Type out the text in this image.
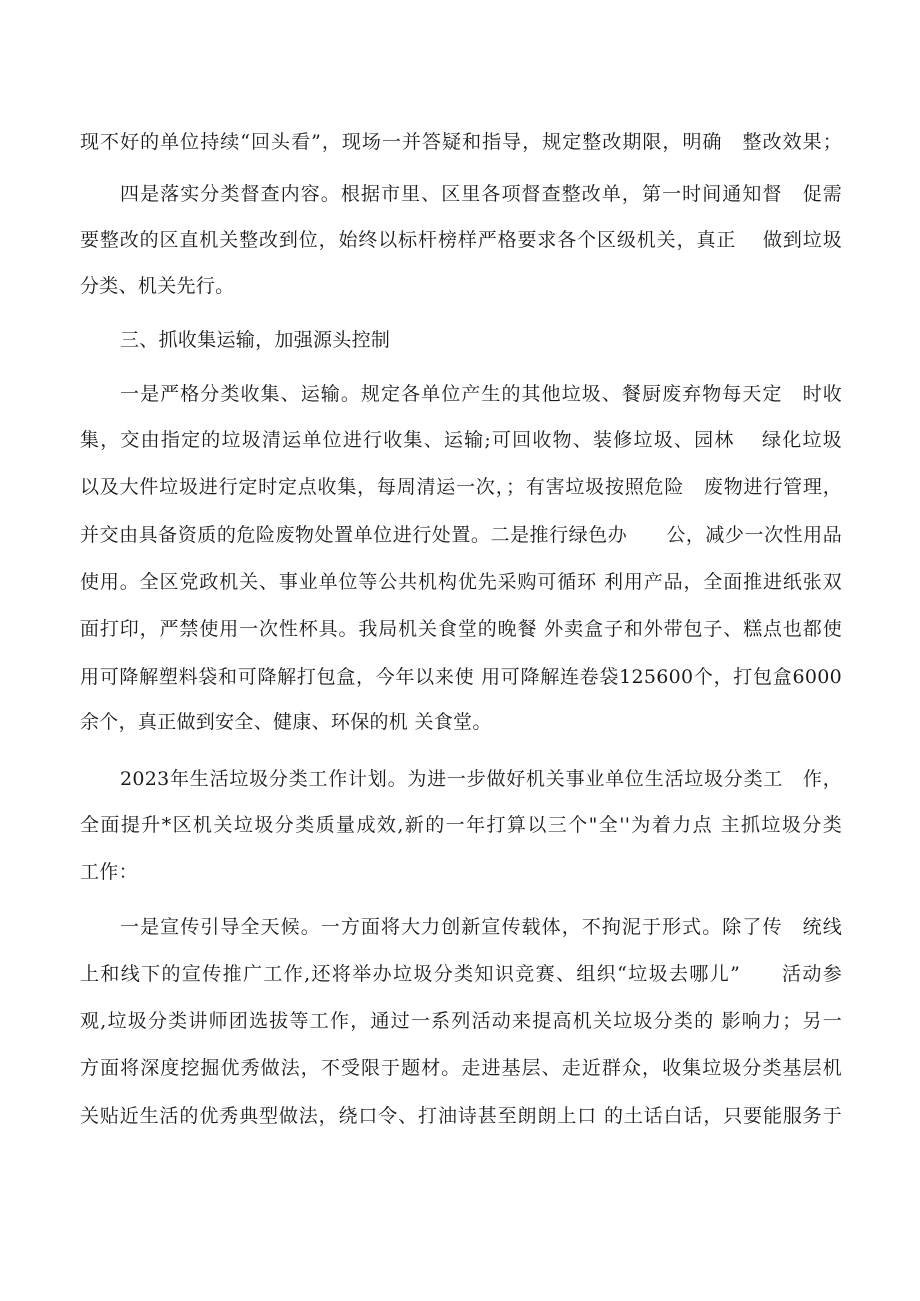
现不好的单位持续“回头看”，现场一并答疑和指导，规定整改期限，明确　整改效果；
四是落实分类督查内容。根据市里、区里各项督查整改单，第一时间通知督　促需
要整改的区直机关整改到位，始终以标杆榜样严格要求各个区级机关，真正　 做到垃圾
分类、机关先行。
三、抓收集运输，加强源头控制
一是严格分类收集、运输。规定各单位产生的其他垃圾、餐厨废弃物每天定　时收
集，交由指定的垃圾清运单位进行收集、运输;可回收物、装修垃圾、园林　 绿化垃圾
以及大件垃圾进行定时定点收集，每周清运一次，；有害垃圾按照危险　废物进行管理，
并交由具备资质的危险废物处置单位进行处置。二是推行绿色办　　公，减少一次性用品
使用。全区党政机关、事业单位等公共机构优先采购可循环 利用产品，全面推进纸张双
面打印，严禁使用一次性杯具。我局机关食堂的晚餐 外卖盒子和外带包子、糕点也都使
用可降解塑料袋和可降解打包盒，今年以来使 用可降解连卷袋125600个，打包盒6000
余个，真正做到安全、健康、环保的机 关食堂。
2023年生活垃圾分类工作计划。为进一步做好机关事业单位生活垃圾分类工　作，
全面提升*区机关垃圾分类质量成效,新的一年打算以三个"全''为着力点 主抓垃圾分类
工作：
一是宣传引导全天候。一方面将大力创新宣传载体，不拘泥于形式。除了传　统线
上和线下的宣传推广工作,还将举办垃圾分类知识竞赛、组织“垃圾去哪儿”　　活动参
观,垃圾分类讲师团选拔等工作，通过一系列活动来提高机关垃圾分类的 影响力；另一
方面将深度挖掘优秀做法，不受限于题材。走进基层、走近群众，收集垃圾分类基层机
关贴近生活的优秀典型做法，绕口令、打油诗甚至朗朗上口 的土话白话，只要能服务于
